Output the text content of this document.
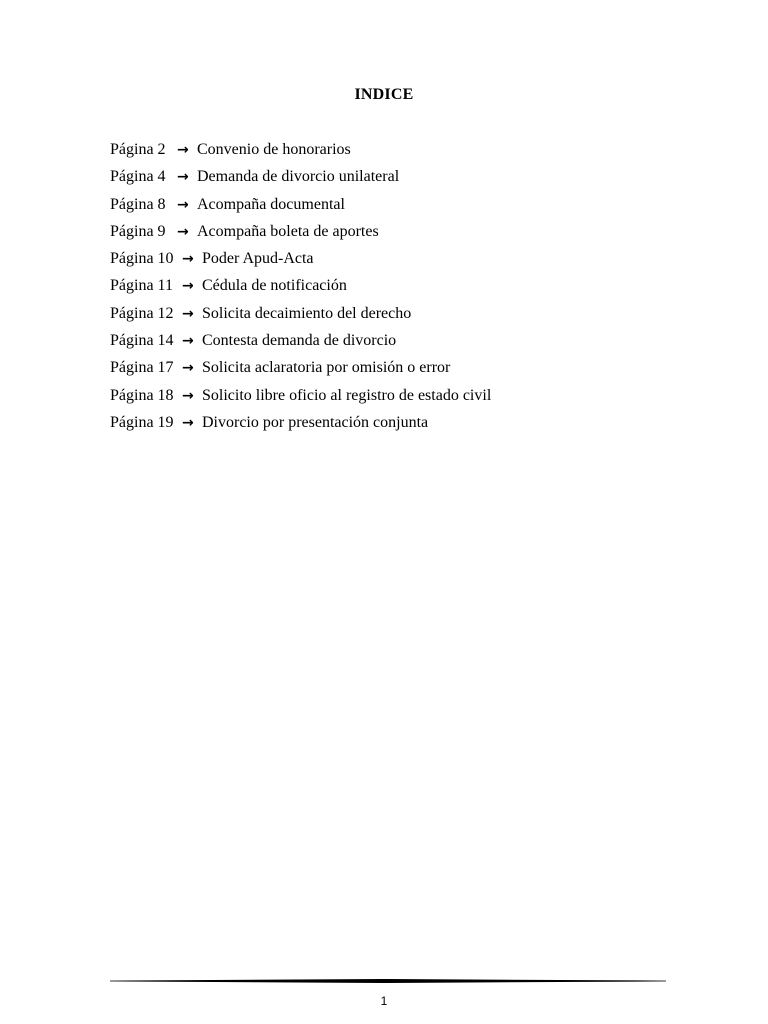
INDICE
Página 2 → Convenio de honorarios
Página 4 → Demanda de divorcio unilateral
Página 8 → Acompaña documental
Página 9 → Acompaña boleta de aportes
Página 10 → Poder Apud-Acta
Página 11 → Cédula de notificación
Página 12 → Solicita decaimiento del derecho
Página 14 → Contesta demanda de divorcio
Página 17 → Solicita aclaratoria por omisión o error
Página 18 → Solicito libre oficio al registro de estado civil
Página 19 → Divorcio por presentación conjunta
1
